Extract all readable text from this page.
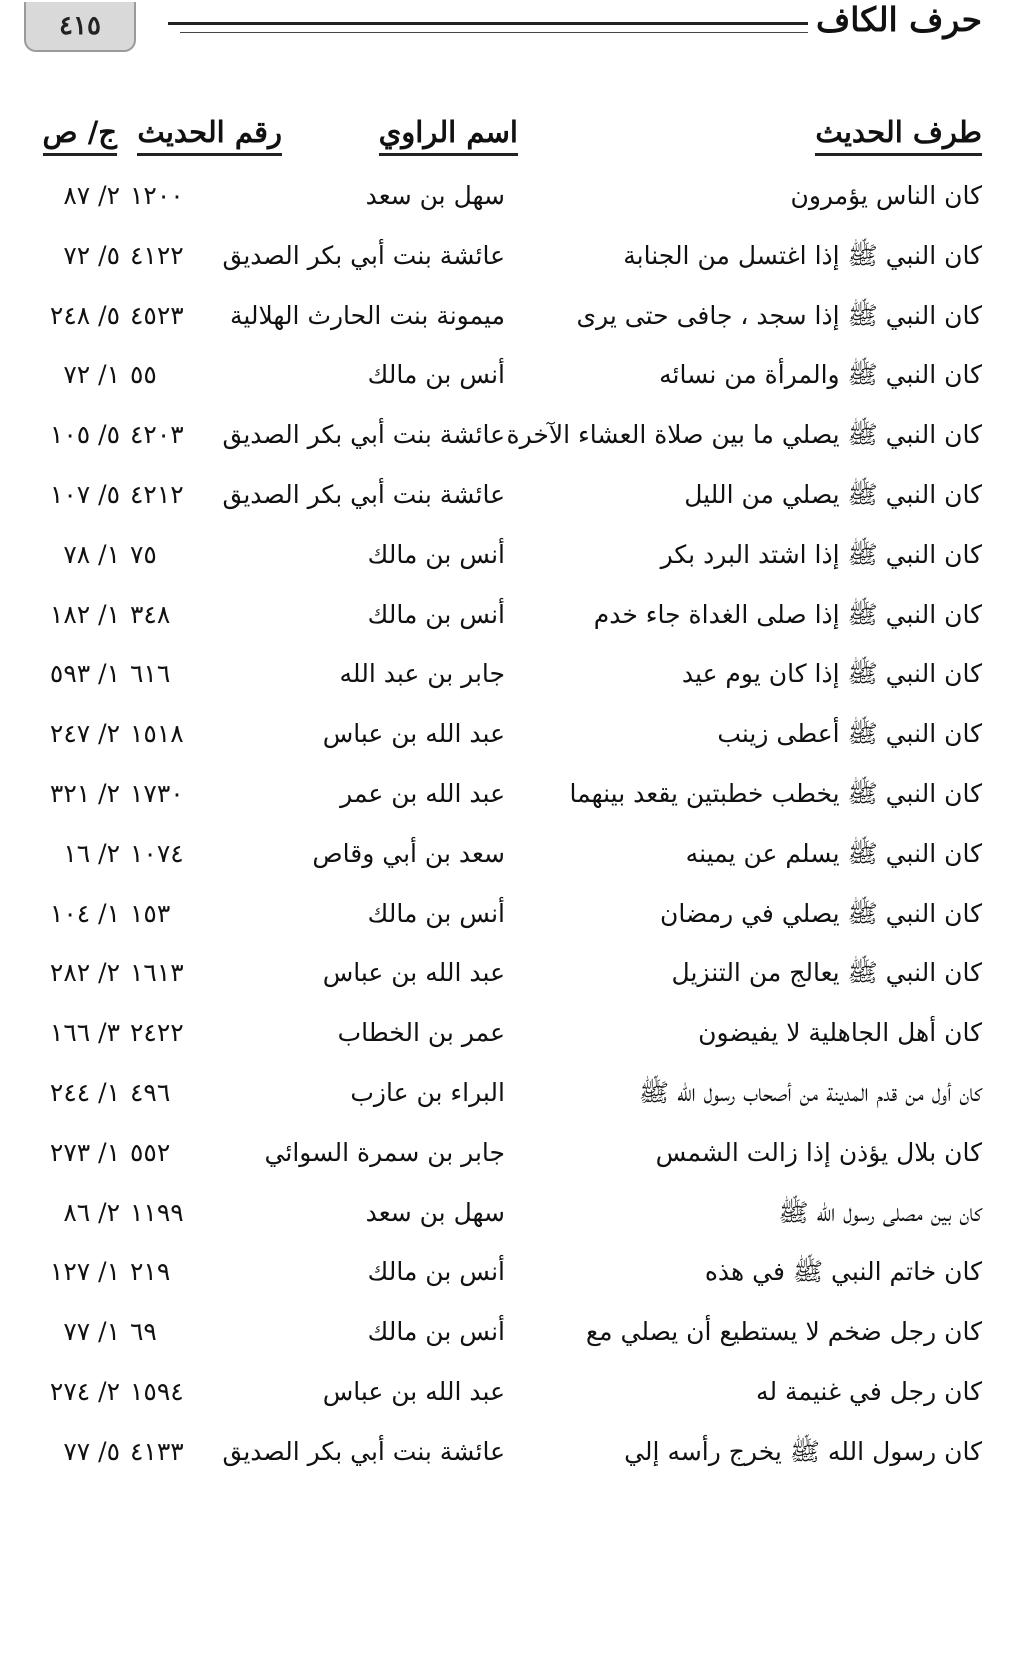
٤١٥	حرف الكاف
طرف الحديث
اسم الراوي
رقم الحديث
ج/ ص
كان الناس يؤمرون
سهل بن سعد
١٢٠٠
٢/ ٨٧
كان النبي ﷺ إذا اغتسل من الجنابة
عائشة بنت أبي بكر الصديق
٤١٢٢
٥/ ٧٢
كان النبي ﷺ إذا سجد ، جافى حتى يرى
ميمونة بنت الحارث الهلالية
٤٥٢٣
٥/ ٢٤٨
كان النبي ﷺ والمرأة من نسائه
أنس بن مالك
٥٥
١/ ٧٢
كان النبي ﷺ يصلي ما بين صلاة العشاء الآخرة
عائشة بنت أبي بكر الصديق
٤٢٠٣
٥/ ١٠٥
كان النبي ﷺ يصلي من الليل
عائشة بنت أبي بكر الصديق
٤٢١٢
٥/ ١٠٧
كان النبي ﷺ إذا اشتد البرد بكر
أنس بن مالك
٧٥
١/ ٧٨
كان النبي ﷺ إذا صلى الغداة جاء خدم
أنس بن مالك
٣٤٨
١/ ١٨٢
كان النبي ﷺ إذا كان يوم عيد
جابر بن عبد الله
٦١٦
١/ ٥٩٣
كان النبي ﷺ أعطى زينب
عبد الله بن عباس
١٥١٨
٢/ ٢٤٧
كان النبي ﷺ يخطب خطبتين يقعد بينهما
عبد الله بن عمر
١٧٣٠
٢/ ٣٢١
كان النبي ﷺ يسلم عن يمينه
سعد بن أبي وقاص
١٠٧٤
٢/ ١٦
كان النبي ﷺ يصلي في رمضان
أنس بن مالك
١٥٣
١/ ١٠٤
كان النبي ﷺ يعالج من التنزيل
عبد الله بن عباس
١٦١٣
٢/ ٢٨٢
كان أهل الجاهلية لا يفيضون
عمر بن الخطاب
٢٤٢٢
٣/ ١٦٦
كان أول من قدم المدينة من أصحاب رسول الله ﷺ
البراء بن عازب
٤٩٦
١/ ٢٤٤
كان بلال يؤذن إذا زالت الشمس
جابر بن سمرة السوائي
٥٥٢
١/ ٢٧٣
كان بين مصلى رسول الله ﷺ
سهل بن سعد
١١٩٩
٢/ ٨٦
كان خاتم النبي ﷺ في هذه
أنس بن مالك
٢١٩
١/ ١٢٧
كان رجل ضخم لا يستطيع أن يصلي مع
أنس بن مالك
٦٩
١/ ٧٧
كان رجل في غنيمة له
عبد الله بن عباس
١٥٩٤
٢/ ٢٧٤
كان رسول الله ﷺ يخرج رأسه إلي
عائشة بنت أبي بكر الصديق
٤١٣٣
٥/ ٧٧
